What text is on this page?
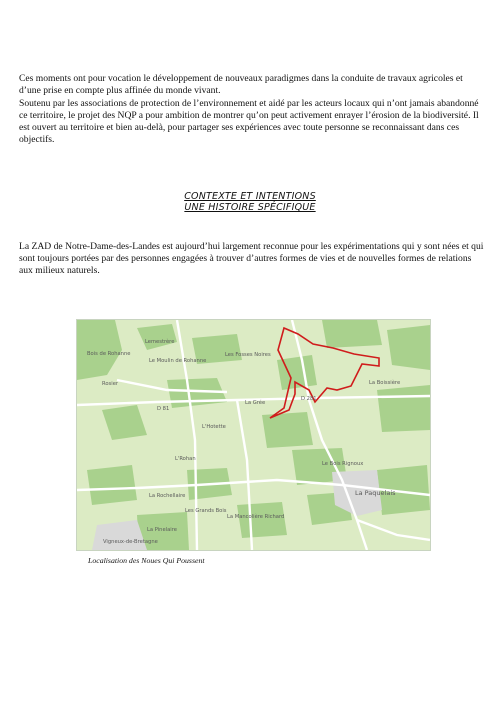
Ces moments ont pour vocation le développement de nouveaux paradigmes dans la conduite de travaux agricoles et d’une prise en compte plus affinée du monde vivant.
Soutenu par les associations de protection de l’environnement et aidé par les acteurs locaux qui n’ont jamais abandonné ce territoire, le projet des NQP a pour ambition de montrer qu’on peut activement enrayer l’érosion de la biodiversité. Il est ouvert au territoire et bien au-delà, pour partager ses expériences avec toute personne se reconnaissant dans ces objectifs.
CONTEXTE ET INTENTIONS
UNE HISTOIRE SPÉCIFIQUE
La ZAD de Notre-Dame-des-Landes est aujourd’hui largement reconnue pour les expérimentations qui y sont nées et qui sont toujours portées par des personnes engagées à trouver d’autres formes de vies et de nouvelles formes de relations aux milieux naturels.
Bois de Rohanne
Lemestrère
Le Moulin de Rohanne
Les Fosses Noires
Rosier	La Boissière
D 81
La Grée
D 281
L'Hotette
L'Rohan
Le Bois Rignoux
La Paquelais
La Rochellaire
Les Grands Bois
La Mancolière Richard
La Pinelaire
Vigneux-de-Bretagne
Localisation des Noues Qui Poussent
